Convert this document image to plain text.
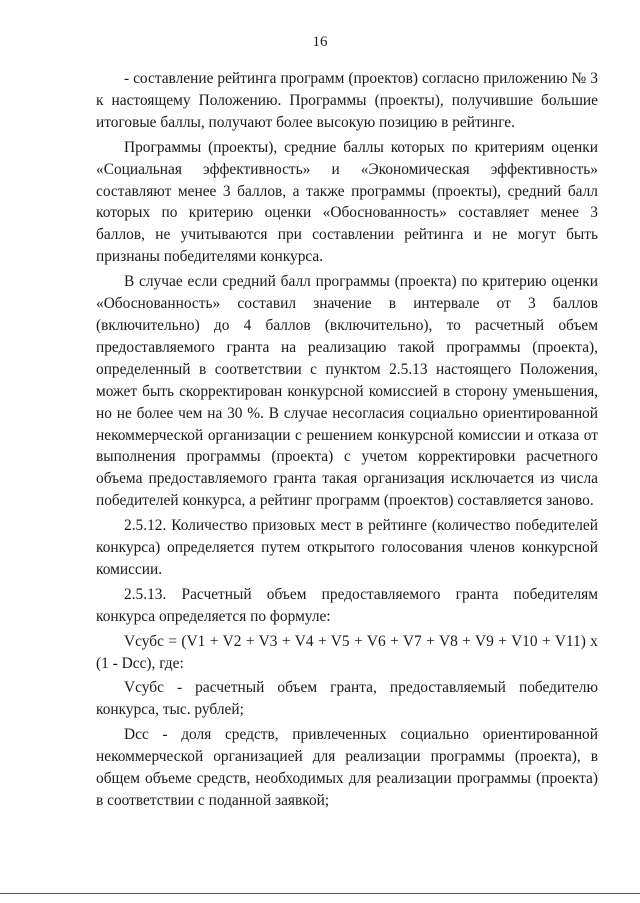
16

- составление рейтинга программ (проектов) согласно приложению № 3 к настоящему Положению. Программы (проекты), получившие большие итоговые баллы, получают более высокую позицию в рейтинге.

Программы (проекты), средние баллы которых по критериям оценки «Социальная эффективность» и «Экономическая эффективность» составляют менее 3 баллов, а также программы (проекты), средний балл которых по критерию оценки «Обоснованность» составляет менее 3 баллов, не учитываются при составлении рейтинга и не могут быть признаны победителями конкурса.

В случае если средний балл программы (проекта) по критерию оценки «Обоснованность» составил значение в интервале от 3 баллов (включительно) до 4 баллов (включительно), то расчетный объем предоставляемого гранта на реализацию такой программы (проекта), определенный в соответствии с пунктом 2.5.13 настоящего Положения, может быть скорректирован конкурсной комиссией в сторону уменьшения, но не более чем на 30 %. В случае несогласия социально ориентированной некоммерческой организации с решением конкурсной комиссии и отказа от выполнения программы (проекта) с учетом корректировки расчетного объема предоставляемого гранта такая организация исключается из числа победителей конкурса, а рейтинг программ (проектов) составляется заново.

2.5.12. Количество призовых мест в рейтинге (количество победителей конкурса) определяется путем открытого голосования членов конкурсной комиссии.

2.5.13. Расчетный объем предоставляемого гранта победителям конкурса определяется по формуле:

Vсубс = (V1 + V2 + V3 + V4 + V5 + V6 + V7 + V8 + V9 + V10 + V11) x (1 - Dсс), где:

Vсубс - расчетный объем гранта, предоставляемый победителю конкурса, тыс. рублей;

Dсс - доля средств, привлеченных социально ориентированной некоммерческой организацией для реализации программы (проекта), в общем объеме средств, необходимых для реализации программы (проекта) в соответствии с поданной заявкой;
